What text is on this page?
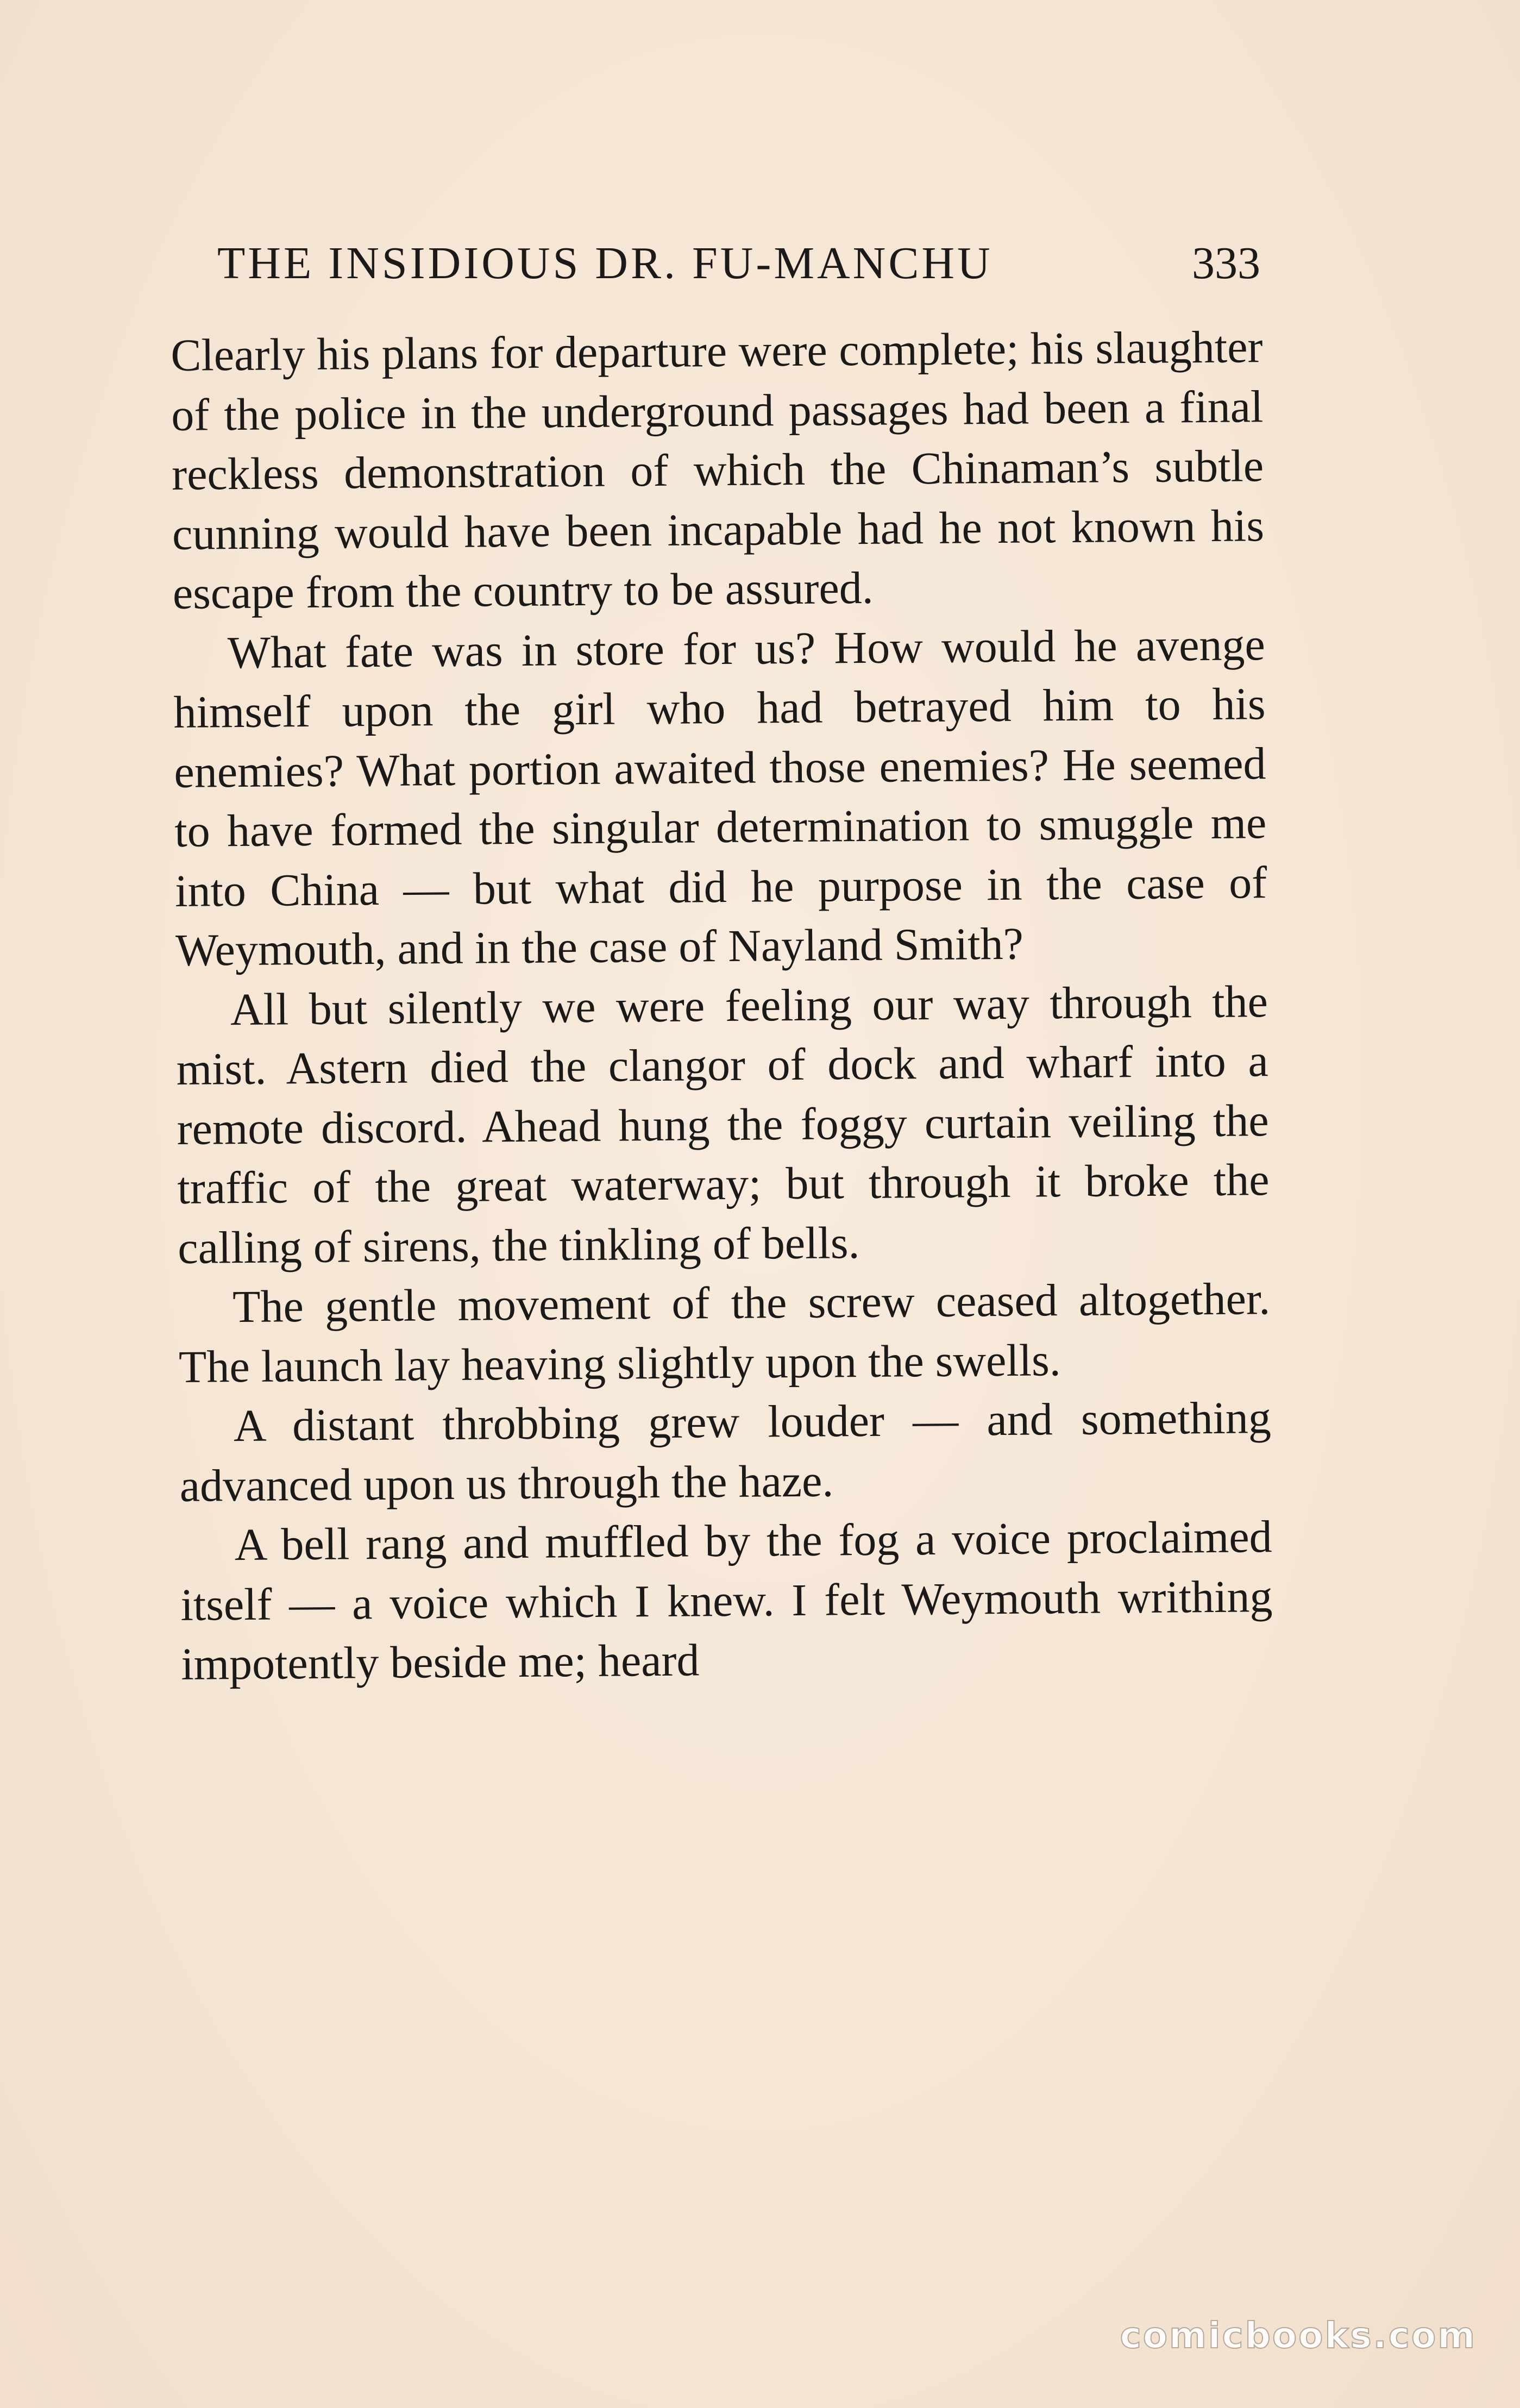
THE INSIDIOUS DR. FU-MANCHU	333

Clearly his plans for departure were complete; his slaughter of the police in the underground passages had been a final reckless demonstration of which the Chinaman’s subtle cunning would have been incapable had he not known his escape from the country to be assured.

What fate was in store for us? How would he avenge himself upon the girl who had betrayed him to his enemies? What portion awaited those enemies? He seemed to have formed the singular determination to smuggle me into China — but what did he purpose in the case of Weymouth, and in the case of Nayland Smith?

All but silently we were feeling our way through the mist. Astern died the clangor of dock and wharf into a remote discord. Ahead hung the foggy curtain veiling the traffic of the great waterway; but through it broke the calling of sirens, the tinkling of bells.

The gentle movement of the screw ceased altogether. The launch lay heaving slightly upon the swells.

A distant throbbing grew louder — and something advanced upon us through the haze.

A bell rang and muffled by the fog a voice proclaimed itself — a voice which I knew. I felt Weymouth writhing impotently beside me; heard

comicbooks.com
